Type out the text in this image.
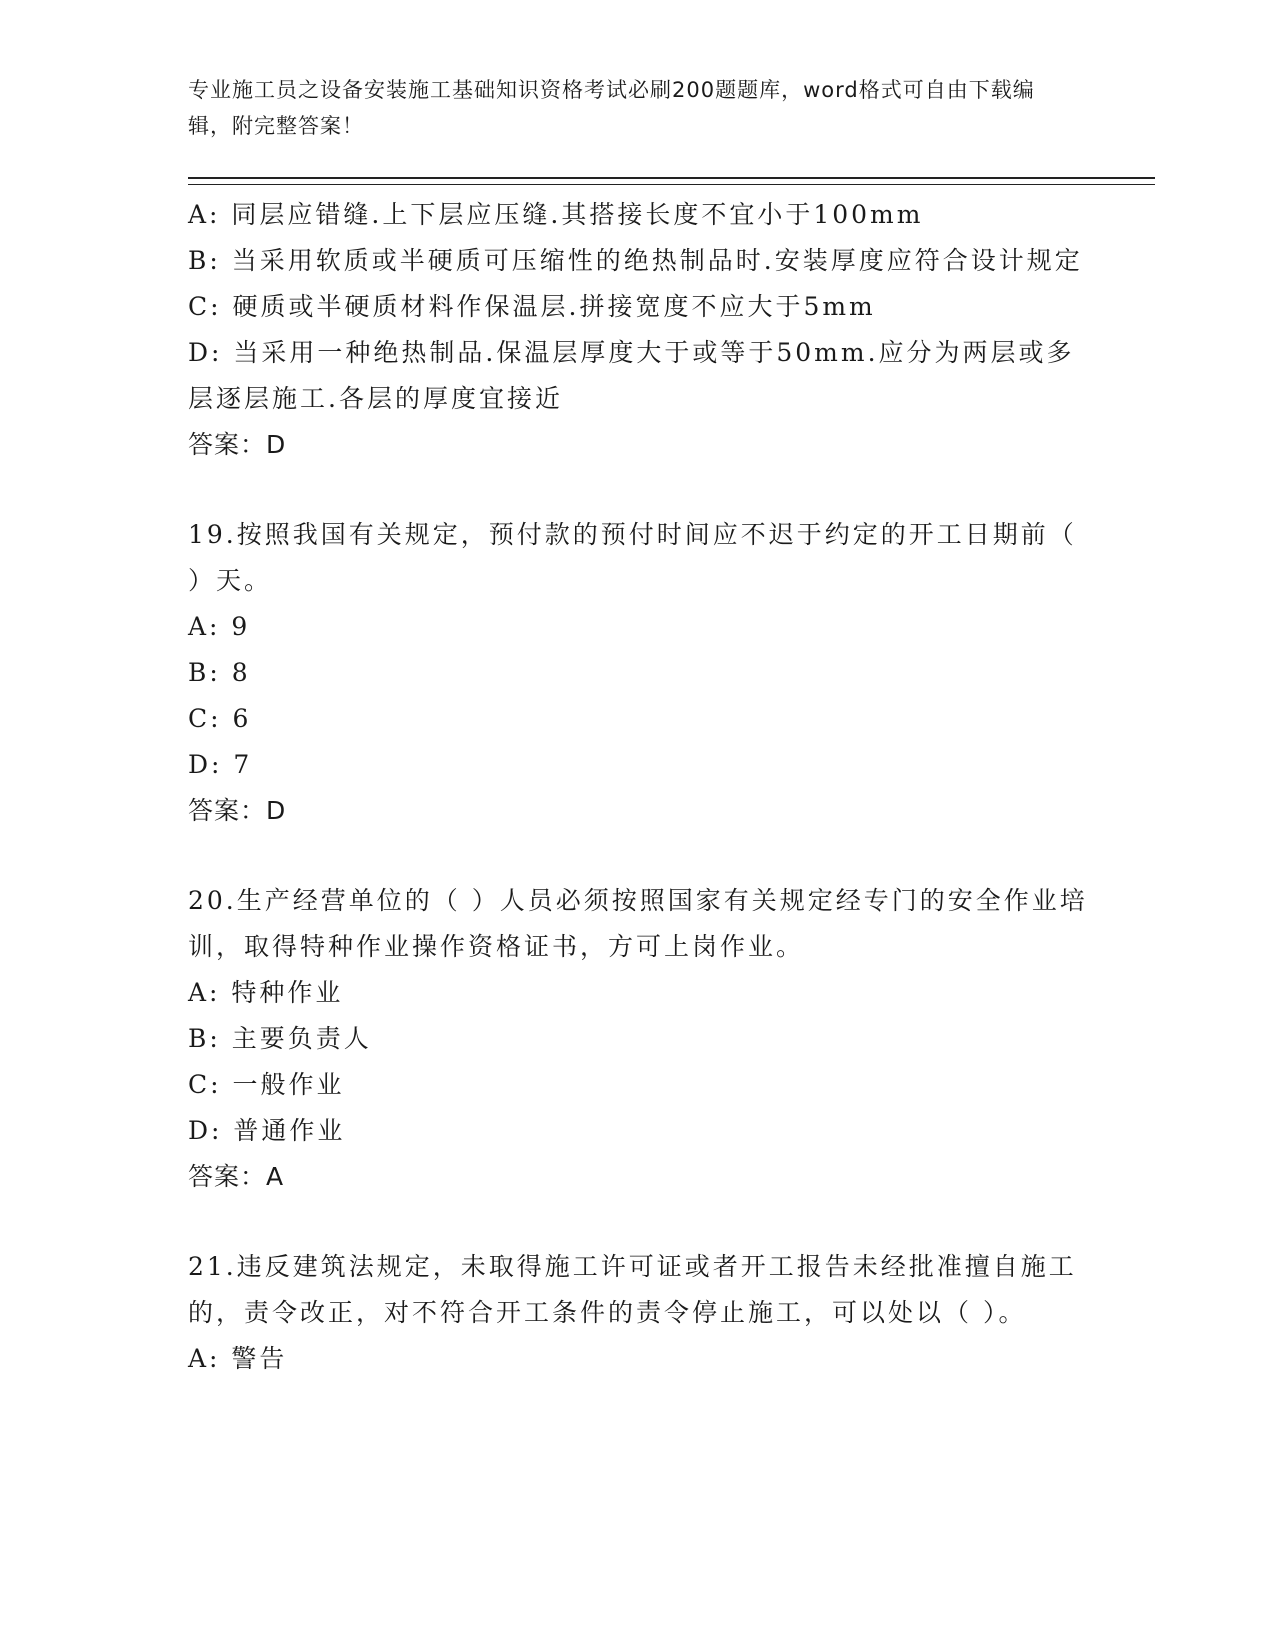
专业施工员之设备安装施工基础知识资格考试必刷200题题库，word格式可自由下载编辑，附完整答案！
A: 同层应错缝.上下层应压缝.其搭接长度不宜小于100mm
B: 当采用软质或半硬质可压缩性的绝热制品时.安装厚度应符合设计规定
C: 硬质或半硬质材料作保温层.拼接宽度不应大于5mm
D: 当采用一种绝热制品.保温层厚度大于或等于50mm.应分为两层或多层逐层施工.各层的厚度宜接近
答案：D
19.按照我国有关规定，预付款的预付时间应不迟于约定的开工日期前（ ）天。
A: 9
B: 8
C: 6
D: 7
答案：D
20.生产经营单位的（ ）人员必须按照国家有关规定经专门的安全作业培训，取得特种作业操作资格证书，方可上岗作业。
A: 特种作业
B: 主要负责人
C: 一般作业
D: 普通作业
答案：A
21.违反建筑法规定，未取得施工许可证或者开工报告未经批准擅自施工的，责令改正，对不符合开工条件的责令停止施工，可以处以（ ）。
A: 警告
